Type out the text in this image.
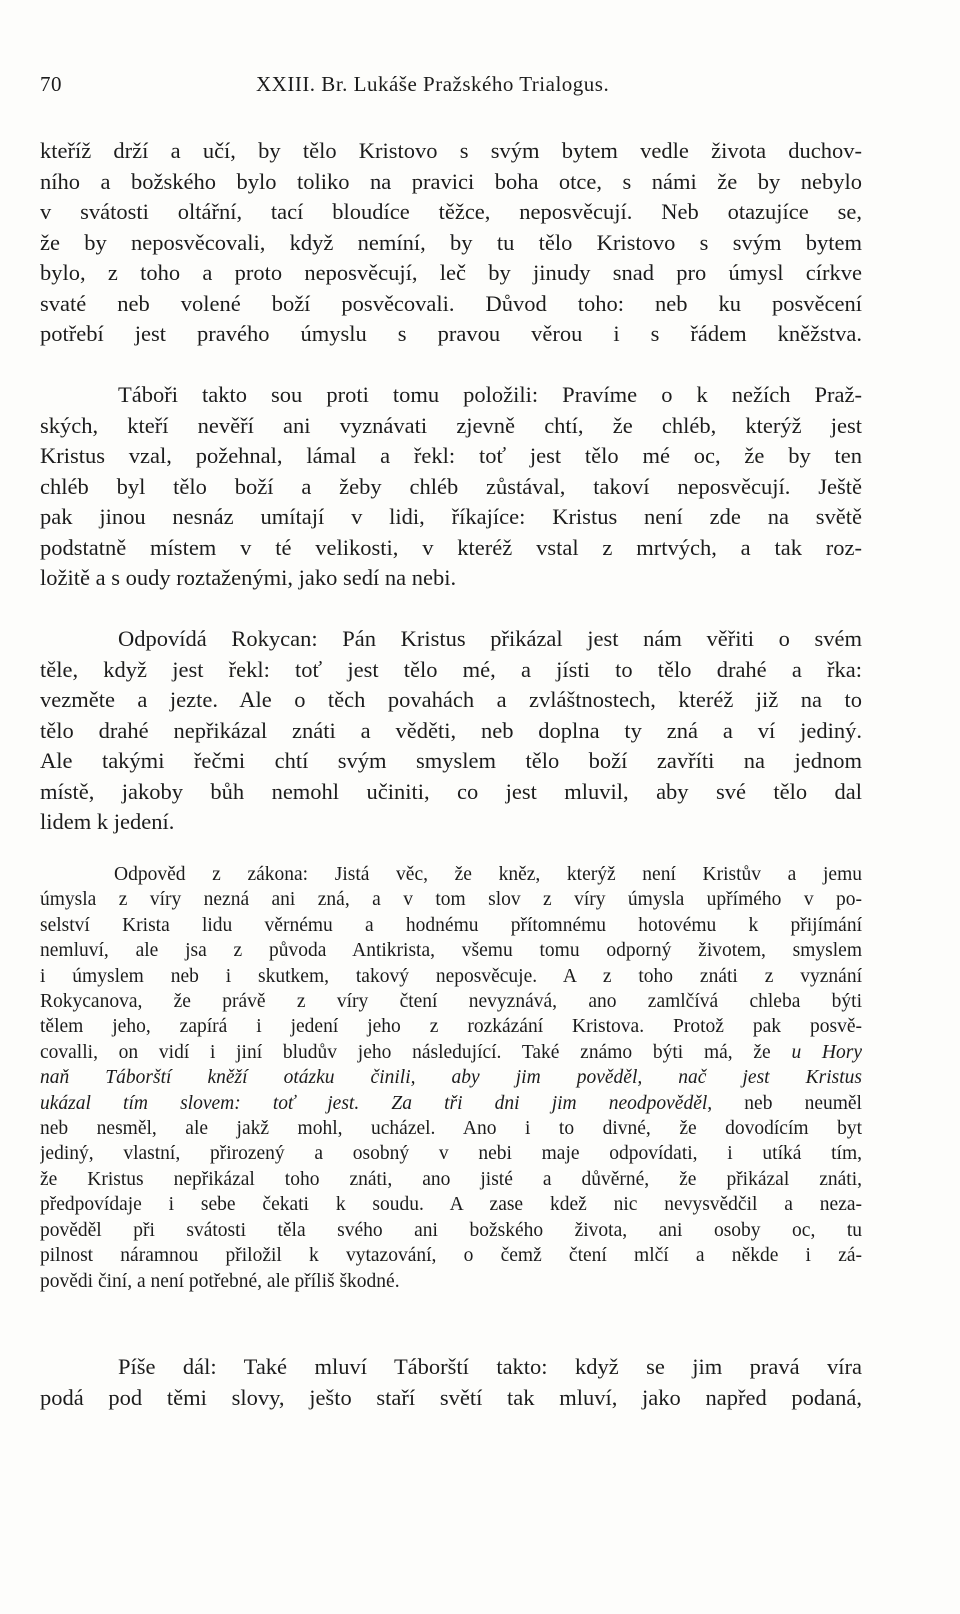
70	XXIII. Br. Lukáše Pražského Trialogus.
kteříž drží a učí, by tělo Kristovo s svým bytem vedle života duchov-
ního a božského bylo toliko na pravici boha otce, s námi že by nebylo
v svátosti oltářní, tací bloudíce těžce, neposvěcují. Neb otazujíce se,
že by neposvěcovali, když nemíní, by tu tělo Kristovo s svým bytem
bylo, z toho a proto neposvěcují, leč by jinudy snad pro úmysl církve
svaté neb volené boží posvěcovali. Důvod toho: neb ku posvěcení
potřebí jest pravého úmyslu s pravou věrou i s řádem kněžstva.
Táboři takto sou proti tomu položili: Pravíme o k nežích Praž-
ských, kteří nevěří ani vyznávati zjevně chtí, že chléb, kterýž jest
Kristus vzal, požehnal, lámal a řekl: toť jest tělo mé oc, že by ten
chléb byl tělo boží a žeby chléb zůstával, takoví neposvěcují. Ještě
pak jinou nesnáz umítají v lidi, říkajíce: Kristus není zde na světě
podstatně místem v té velikosti, v kteréž vstal z mrtvých, a tak roz-
ložitě a s oudy roztaženými, jako sedí na nebi.
Odpovídá Rokycan: Pán Kristus přikázal jest nám věřiti o svém
těle, když jest řekl: toť jest tělo mé, a jísti to tělo drahé a řka:
vezměte a jezte. Ale o těch povahách a zvláštnostech, kteréž již na to
tělo drahé nepřikázal znáti a věděti, neb doplna ty zná a ví jediný.
Ale takými řečmi chtí svým smyslem tělo boží zavříti na jednom
místě, jakoby bůh nemohl učiniti, co jest mluvil, aby své tělo dal
lidem k jedení.
Odpověd z zákona: Jistá věc, že kněz, kterýž není Kristův a jemu
úmysla z víry nezná ani zná, a v tom slov z víry úmysla upřímého v po-
selství Krista lidu věrnému a hodnému přítomnému hotovému k přijímání
nemluví, ale jsa z původa Antikrista, všemu tomu odporný životem, smyslem
i úmyslem neb i skutkem, takový neposvěcuje. A z toho znáti z vyznání
Rokycanova, že právě z víry čtení nevyznává, ano zamlčívá chleba býti
tělem jeho, zapírá i jedení jeho z rozkázání Kristova. Protož pak posvě-
covalli, on vidí i jiní bludův jeho následující. Také známo býti má, že u Hory
naň Táborští kněží otázku činili, aby jim pověděl, nač jest Kristus
ukázal tím slovem: toť jest. Za tři dni jim neodpověděl, neb neuměl
neb nesměl, ale jakž mohl, ucházel. Ano i to divné, že dovodícím byt
jediný, vlastní, přirozený a osobný v nebi maje odpovídati, i utíká tím,
že Kristus nepřikázal toho znáti, ano jisté a důvěrné, že přikázal znáti,
předpovídaje i sebe čekati k soudu. A zase kdež nic nevysvědčil a neza-
pověděl při svátosti těla svého ani božského života, ani osoby oc, tu
pilnost náramnou přiložil k vytazování, o čemž čtení mlčí a někde i zá-
povědi činí, a není potřebné, ale příliš škodné.
Píše dál: Také mluví Táborští takto: když se jim pravá víra
podá pod těmi slovy, ješto staří světí tak mluví, jako napřed podaná,
